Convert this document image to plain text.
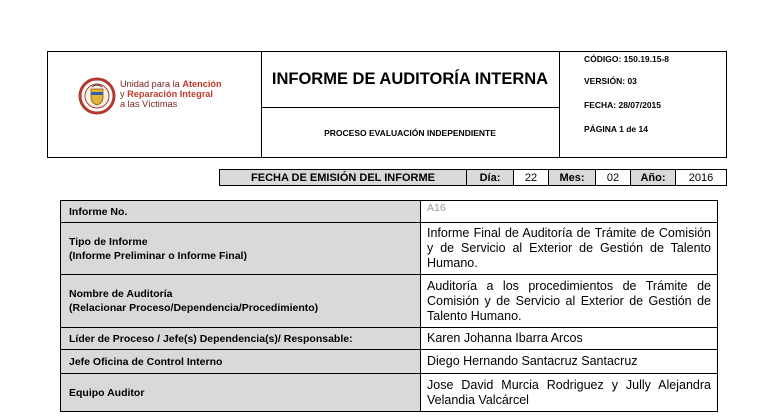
Unidad para la Atención
y Reparación Integral
a las Víctimas
INFORME DE AUDITORÍA INTERNA
PROCESO EVALUACIÓN INDEPENDIENTE
CÓDIGO: 150.19.15-8
VERSIÓN: 03
FECHA: 28/07/2015
PÁGINA 1 de 14
FECHA DE EMISIÓN DEL INFORME	Día:	22	Mes:	02	Año:	2016
Informe No.	A16

Tipo de Informe
(Informe Preliminar o Informe Final)	Informe Final de Auditoría de Trámite de Comisión y de Servicio al Exterior de Gestión de Talento Humano.

Nombre de Auditoría
(Relacionar Proceso/Dependencia/Procedimiento)	Auditoría a los procedimientos de Trámite de Comisión y de Servicio al Exterior de Gestión de Talento Humano.
Líder de Proceso / Jefe(s) Dependencia(s)/ Responsable:	Karen Johanna Ibarra Arcos
Jefe Oficina de Control Interno	Diego Hernando Santacruz Santacruz
Equipo Auditor	Jose David Murcia Rodriguez y Jully Alejandra Velandia Valcárcel
